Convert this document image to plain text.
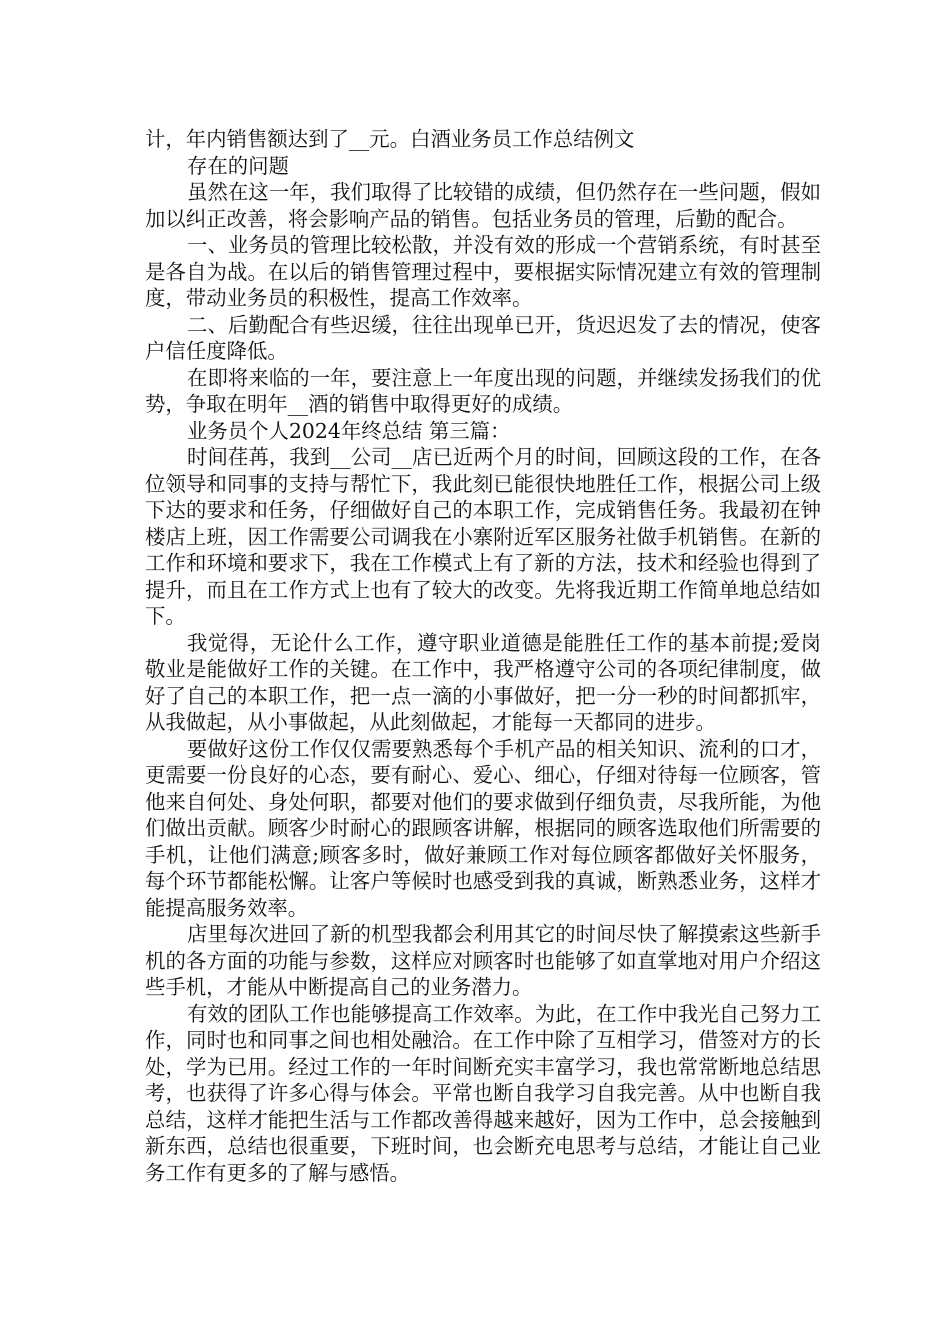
计，年内销售额达到了__元。白酒业务员工作总结例文

存在的问题

虽然在这一年，我们取得了比较错的成绩，但仍然存在一些问题，假如加以纠正改善，将会影响产品的销售。包括业务员的管理，后勤的配合。

一、业务员的管理比较松散，并没有效的形成一个营销系统，有时甚至是各自为战。在以后的销售管理过程中，要根据实际情况建立有效的管理制度，带动业务员的积极性，提高工作效率。

二、后勤配合有些迟缓，往往出现单已开，货迟迟发了去的情况，使客户信任度降低。

在即将来临的一年，要注意上一年度出现的问题，并继续发扬我们的优势，争取在明年__酒的销售中取得更好的成绩。

业务员个人2024年终总结 第三篇：

时间荏苒，我到__公司__店已近两个月的时间，回顾这段的工作，在各位领导和同事的支持与帮忙下，我此刻已能很快地胜任工作，根据公司上级下达的要求和任务，仔细做好自己的本职工作，完成销售任务。我最初在钟楼店上班，因工作需要公司调我在小寨附近军区服务社做手机销售。在新的工作和环境和要求下，我在工作模式上有了新的方法，技术和经验也得到了提升，而且在工作方式上也有了较大的改变。先将我近期工作简单地总结如下。

我觉得，无论什么工作，遵守职业道德是能胜任工作的基本前提;爱岗敬业是能做好工作的关键。在工作中，我严格遵守公司的各项纪律制度，做好了自己的本职工作，把一点一滴的小事做好，把一分一秒的时间都抓牢，从我做起，从小事做起，从此刻做起，才能每一天都同的进步。

要做好这份工作仅仅需要熟悉每个手机产品的相关知识、流利的口才，更需要一份良好的心态，要有耐心、爱心、细心，仔细对待每一位顾客，管他来自何处、身处何职，都要对他们的要求做到仔细负责，尽我所能，为他们做出贡献。顾客少时耐心的跟顾客讲解，根据同的顾客选取他们所需要的手机，让他们满意;顾客多时，做好兼顾工作对每位顾客都做好关怀服务，每个环节都能松懈。让客户等候时也感受到我的真诚，断熟悉业务，这样才能提高服务效率。

店里每次进回了新的机型我都会利用其它的时间尽快了解摸索这些新手机的各方面的功能与参数，这样应对顾客时也能够了如直掌地对用户介绍这些手机，才能从中断提高自己的业务潜力。

有效的团队工作也能够提高工作效率。为此，在工作中我光自己努力工作，同时也和同事之间也相处融洽。在工作中除了互相学习，借签对方的长处，学为已用。经过工作的一年时间断充实丰富学习，我也常常断地总结思考，也获得了许多心得与体会。平常也断自我学习自我完善。从中也断自我总结，这样才能把生活与工作都改善得越来越好，因为工作中，总会接触到新东西，总结也很重要，下班时间，也会断充电思考与总结，才能让自己业务工作有更多的了解与感悟。
